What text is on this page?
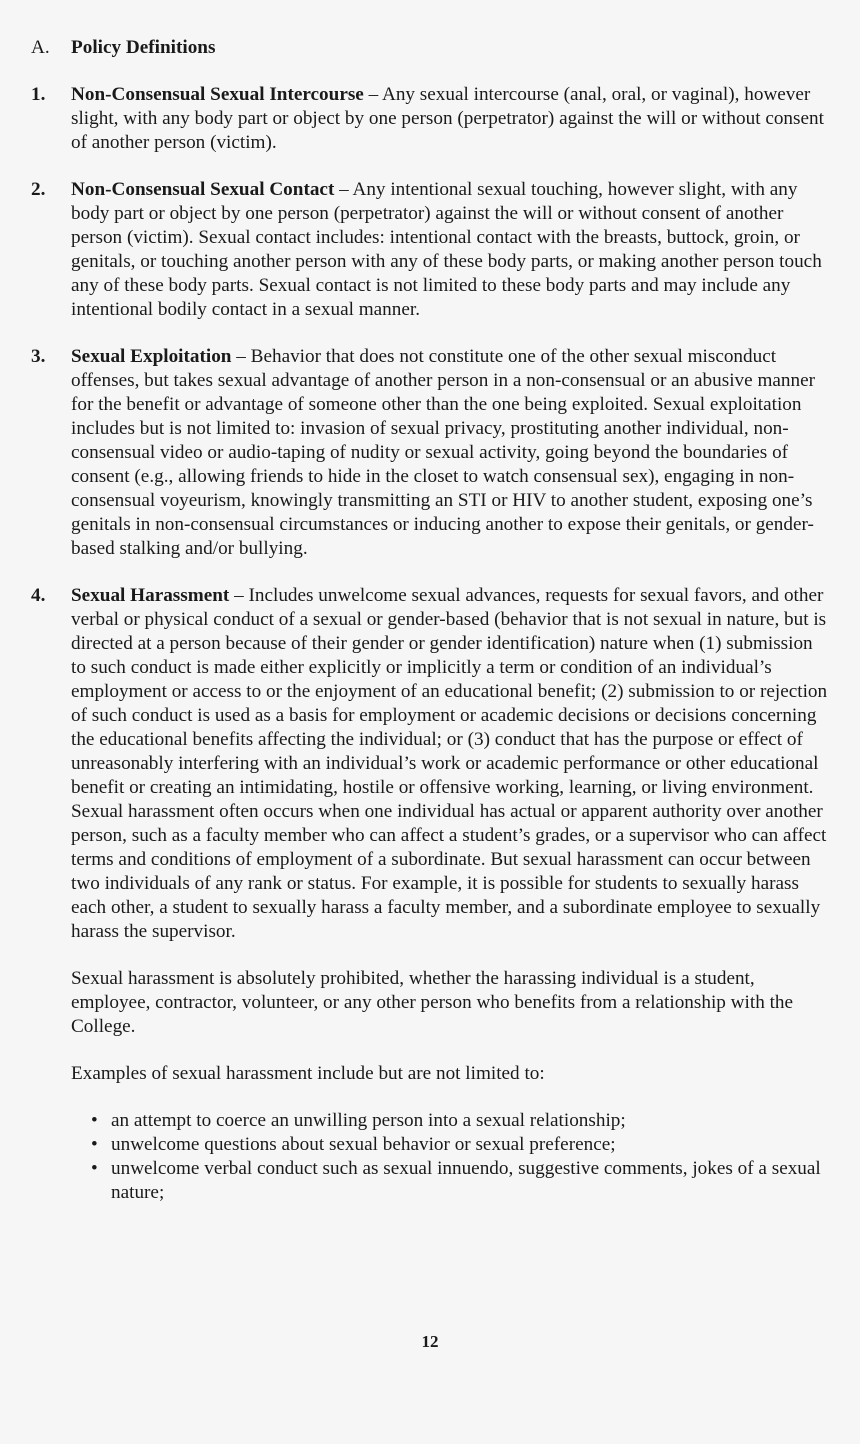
A. Policy Definitions
1. Non-Consensual Sexual Intercourse – Any sexual intercourse (anal, oral, or vaginal), however slight, with any body part or object by one person (perpetrator) against the will or without consent of another person (victim).
2. Non-Consensual Sexual Contact – Any intentional sexual touching, however slight, with any body part or object by one person (perpetrator) against the will or without consent of another person (victim). Sexual contact includes: intentional contact with the breasts, buttock, groin, or genitals, or touching another person with any of these body parts, or making another person touch any of these body parts. Sexual contact is not limited to these body parts and may include any intentional bodily contact in a sexual manner.
3. Sexual Exploitation – Behavior that does not constitute one of the other sexual misconduct offenses, but takes sexual advantage of another person in a non-consensual or an abusive manner for the benefit or advantage of someone other than the one being exploited. Sexual exploitation includes but is not limited to: invasion of sexual privacy, prostituting another individual, non-consensual video or audio-taping of nudity or sexual activity, going beyond the boundaries of consent (e.g., allowing friends to hide in the closet to watch consensual sex), engaging in non-consensual voyeurism, knowingly transmitting an STI or HIV to another student, exposing one’s genitals in non-consensual circumstances or inducing another to expose their genitals, or gender-based stalking and/or bullying.
4. Sexual Harassment – Includes unwelcome sexual advances, requests for sexual favors, and other verbal or physical conduct of a sexual or gender-based (behavior that is not sexual in nature, but is directed at a person because of their gender or gender identification) nature when (1) submission to such conduct is made either explicitly or implicitly a term or condition of an individual’s employment or access to or the enjoyment of an educational benefit; (2) submission to or rejection of such conduct is used as a basis for employment or academic decisions or decisions concerning the educational benefits affecting the individual; or (3) conduct that has the purpose or effect of unreasonably interfering with an individual’s work or academic performance or other educational benefit or creating an intimidating, hostile or offensive working, learning, or living environment. Sexual harassment often occurs when one individual has actual or apparent authority over another person, such as a faculty member who can affect a student’s grades, or a supervisor who can affect terms and conditions of employment of a subordinate. But sexual harassment can occur between two individuals of any rank or status. For example, it is possible for students to sexually harass each other, a student to sexually harass a faculty member, and a subordinate employee to sexually harass the supervisor.
Sexual harassment is absolutely prohibited, whether the harassing individual is a student, employee, contractor, volunteer, or any other person who benefits from a relationship with the College.
Examples of sexual harassment include but are not limited to:
• an attempt to coerce an unwilling person into a sexual relationship;
• unwelcome questions about sexual behavior or sexual preference;
• unwelcome verbal conduct such as sexual innuendo, suggestive comments, jokes of a sexual nature;
12
